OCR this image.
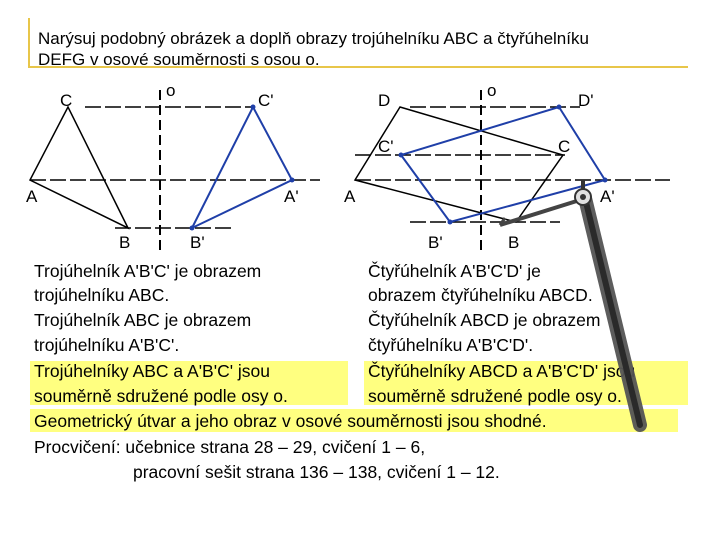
Narýsuj podobný obrázek a doplň obrazy trojúhelníku ABC a čtyřúhelníku DEFG v osové souměrnosti s osou o.
o
C	C'
A	A'
B	B'
o
D	D'
C'	C
A	A'
B'	B
Trojúhelník A'B'C' je obrazem
trojúhelníku ABC.
Trojúhelník ABC je obrazem
trojúhelníku A'B'C'.
Trojúhelníky ABC a A'B'C' jsou
souměrně sdružené podle osy o.
Čtyřúhelník A'B'C'D' je
obrazem čtyřúhelníku ABCD.
Čtyřúhelník ABCD je obrazem
čtyřúhelníku A'B'C'D'.
Čtyřúhelníky ABCD a A'B'C'D' jsou
souměrně sdružené podle osy o.
Geometrický útvar a jeho obraz v osové souměrnosti jsou shodné.
Procvičení: učebnice strana 28 – 29, cvičení 1 – 6,
pracovní sešit strana 136 – 138, cvičení 1 – 12.
